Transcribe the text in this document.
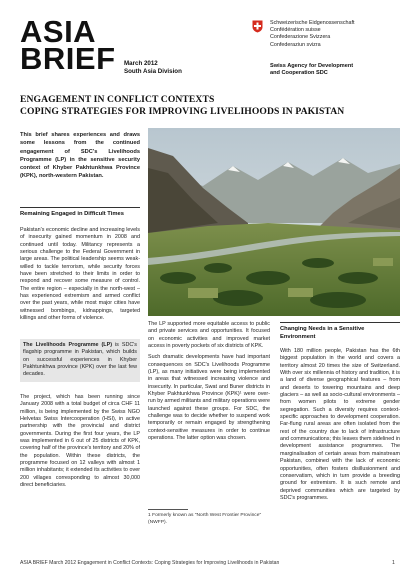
ASIA
BRIEF	March 2012
South Asia Division
Schweizerische Eidgenossenschaft
Confédération suisse
Confederazione Svizzera
Confederaziun svizra
Swiss Agency for Development
and Cooperation SDC
ENGAGEMENT IN CONFLICT CONTEXTS
COPING STRATEGIES FOR IMPROVING LIVELIHOODS IN PAKISTAN
This brief shares experiences and draws some lessons from the continued engagement of SDC's Livelihoods Programme (LP) in the sensitive security context of Khyber Pakhtunkhwa Province (KPK), north-western Pakistan.
Remaining Engaged in Difficult Times

Pakistan's economic decline and increasing levels of insecurity gained momentum in 2008 and continued until today. Militancy represents a serious challenge to the Federal Government in large areas. The political leadership seems weak-willed to tackle terrorism, while security forces have been stretched to their limits in order to respond and recover some measure of control. The entire region – especially in the north-west – has experienced extremism and armed conflict over the past years, while most major cities have witnessed bombings, kidnappings, targeted killings and other forms of violence.

The Livelihoods Programme (LP) is SDC's flagship programme in Pakistan, which builds on successful experiences in Khyber Pakhtunkhwa province (KPK) over the last few decades.

The project, which has been running since January 2008 with a total budget of circa CHF 11 million, is being implemented by the Swiss NGO Helvetas Swiss Intercooperation (HSI), in active partnership with the provincial and district governments. During the first four years, the LP was implemented in 6 out of 25 districts of KPK, covering half of the province's territory and 20% of the population. Within these districts, the programme focused on 12 valleys with almost 1 million inhabitants; it extended its activities to over 200 villages corresponding to almost 30,000 direct beneficiaries.

The LP supported more equitable access to public and private services and opportunities. It focused on economic activities and improved market access in poverty pockets of six districts of KPK.

Such dramatic developments have had important consequences on SDC's Livelihoods Programme (LP), as many initiatives were being implemented in areas that witnessed increasing violence and insecurity. In particular, Swat and Buner districts in Khyber Pakhtunkhwa Province (KPK)¹ were over-run by armed militants and military operations were launched against these groups. For SDC, the challenge was to decide whether to suspend work temporarily or remain engaged by strengthening context-sensitive measures in order to continue operations. The latter option was chosen.

1 Formerly known as "North West Frontier Province" (NWFP).
Changing Needs in a Sensitive Environment

With 180 million people, Pakistan has the 6th biggest population in the world and covers a territory almost 20 times the size of Switzerland. With over six millennia of history and tradition, it is a land of diverse geographical features – from and deserts to towering mountains and deep glaciers – as well as socio-cultural environments – from women pilots to extreme gender segregation. Such a diversity requires context-specific approaches to development cooperation. Far-flung rural areas are often isolated from the rest of the country due to lack of infrastructure and communications; this leaves them sidelined in development assistance programmes. The marginalisation of certain areas from mainstream Pakistan, combined with the lack of economic opportunities, often fosters disillusionment and conservatism, which in turn provide a breeding ground for extremism. It is such remote and deprived communities which are targeted by SDC's programmes.

ASIA BRIEF March 2012 Engagement in Conflict Contexts: Coping Strategies for Improving Livelihoods in Pakistan	1
